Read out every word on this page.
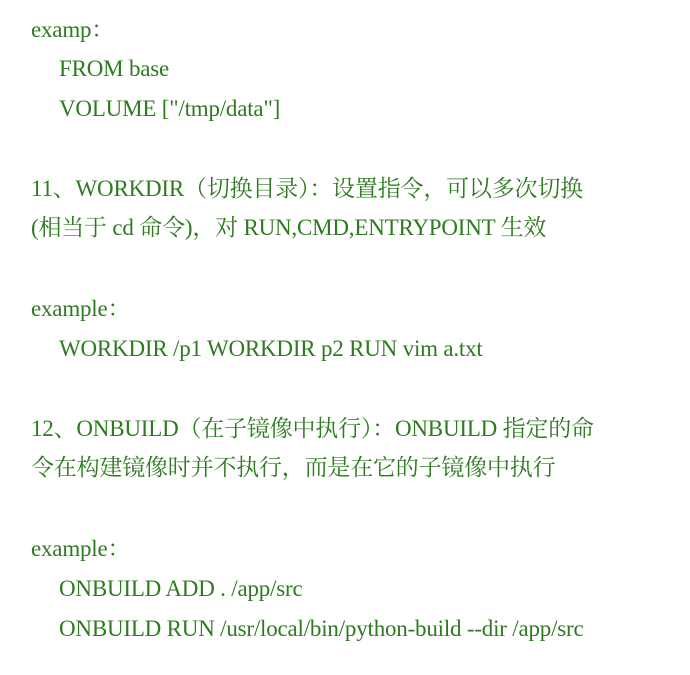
examp：
FROM base
VOLUME ["/tmp/data"]
11、WORKDIR（切换目录）：设置指令，可以多次切换
(相当于 cd 命令)，对 RUN,CMD,ENTRYPOINT 生效
example：
WORKDIR /p1 WORKDIR p2 RUN vim a.txt
12、ONBUILD（在子镜像中执行）：ONBUILD 指定的命
令在构建镜像时并不执行，而是在它的子镜像中执行
example：
ONBUILD ADD . /app/src
ONBUILD RUN /usr/local/bin/python-build --dir /app/src
